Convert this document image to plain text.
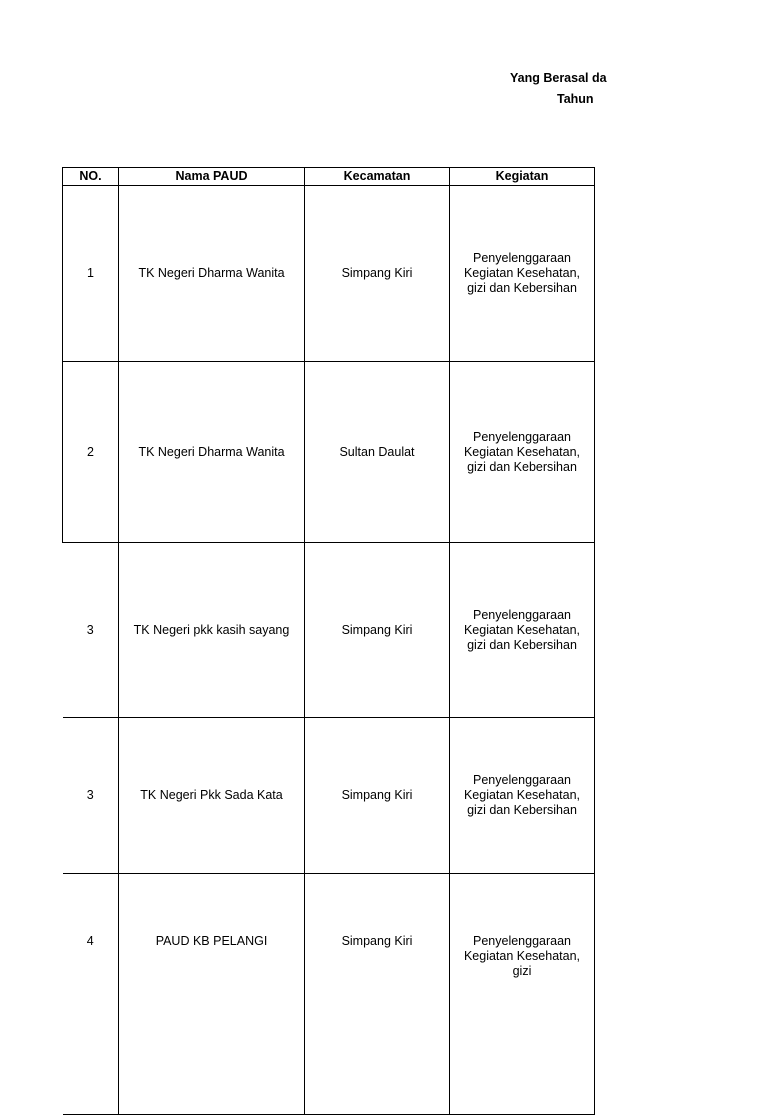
Yang Berasal da
Tahun
NO.	Nama PAUD	Kecamatan	Kegiatan
1	TK Negeri Dharma Wanita	Simpang Kiri	Penyelenggaraan Kegiatan Kesehatan, gizi dan Kebersihan
2	TK Negeri Dharma Wanita	Sultan Daulat	Penyelenggaraan Kegiatan Kesehatan, gizi dan Kebersihan
3	TK Negeri pkk kasih sayang	Simpang Kiri	Penyelenggaraan Kegiatan Kesehatan, gizi dan Kebersihan
3	TK Negeri Pkk Sada Kata	Simpang Kiri	Penyelenggaraan Kegiatan Kesehatan, gizi dan Kebersihan
4	PAUD KB PELANGI	Simpang Kiri	Penyelenggaraan Kegiatan Kesehatan, gizi
